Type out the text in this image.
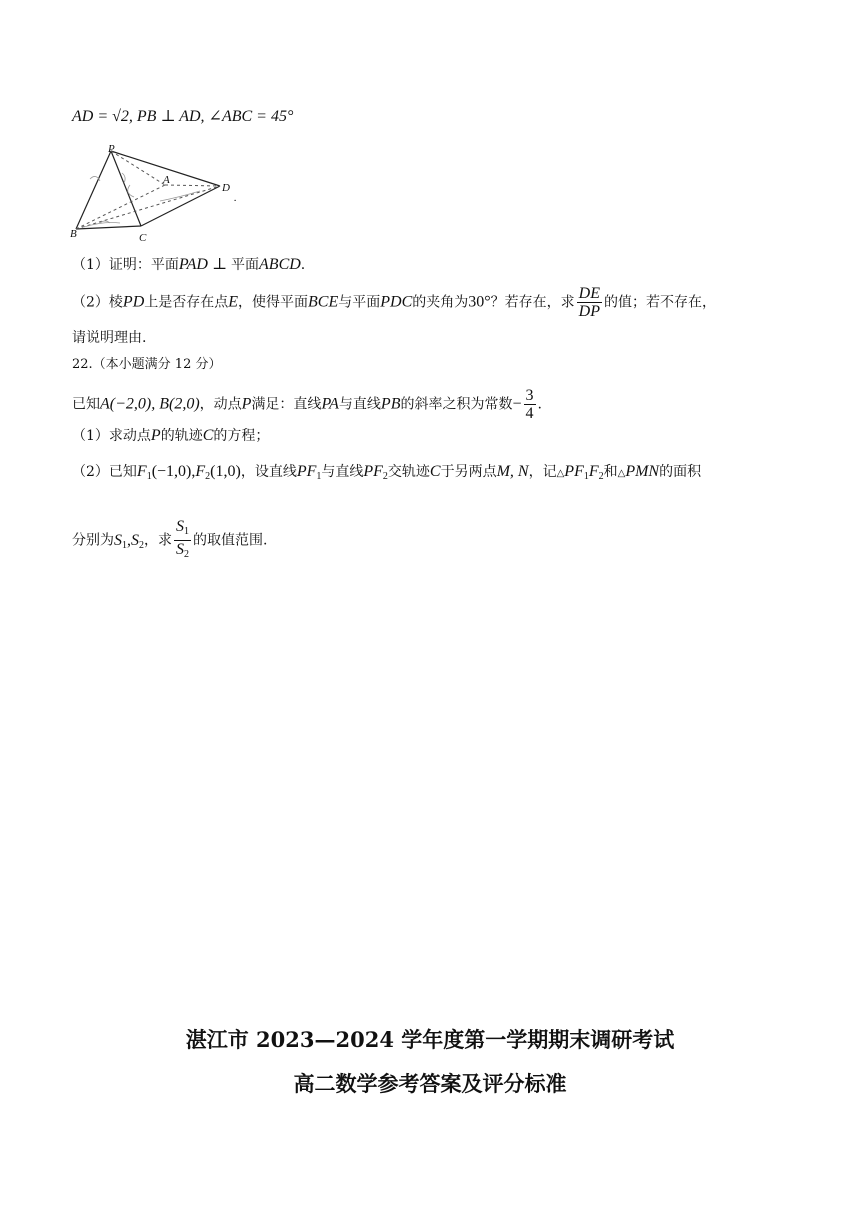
AD = √2, PB ⊥ AD, ∠ABC = 45°
P
A
B	C
D
.
（1）证明：平面PAD ⊥ 平面ABCD.
（2）棱PD上是否存在点E，使得平面BCE与平面PDC的夹角为30°？若存在，求 $\frac{DE}{DP}$ 的值；若不存在，
请说明理由.
22.（本小题满分 12 分）
已知A(−2,0), B(2,0)，动点P满足：直线PA与直线PB的斜率之积为常数− $\frac{3}{4}$ .
（1）求动点P的轨迹C的方程；
（2）已知$F_1(-1,0),F_2(1,0)$，设直线$PF_1$与直线$PF_2$交轨迹C于另两点M, N，记$\triangle PF_1F_2$和△PMN的面积
分别为$S_1,S_2$，求 $\frac{S_1}{S_2}$ 的取值范围.
湛江市 2023—2024 学年度第一学期期末调研考试
高二数学参考答案及评分标准
